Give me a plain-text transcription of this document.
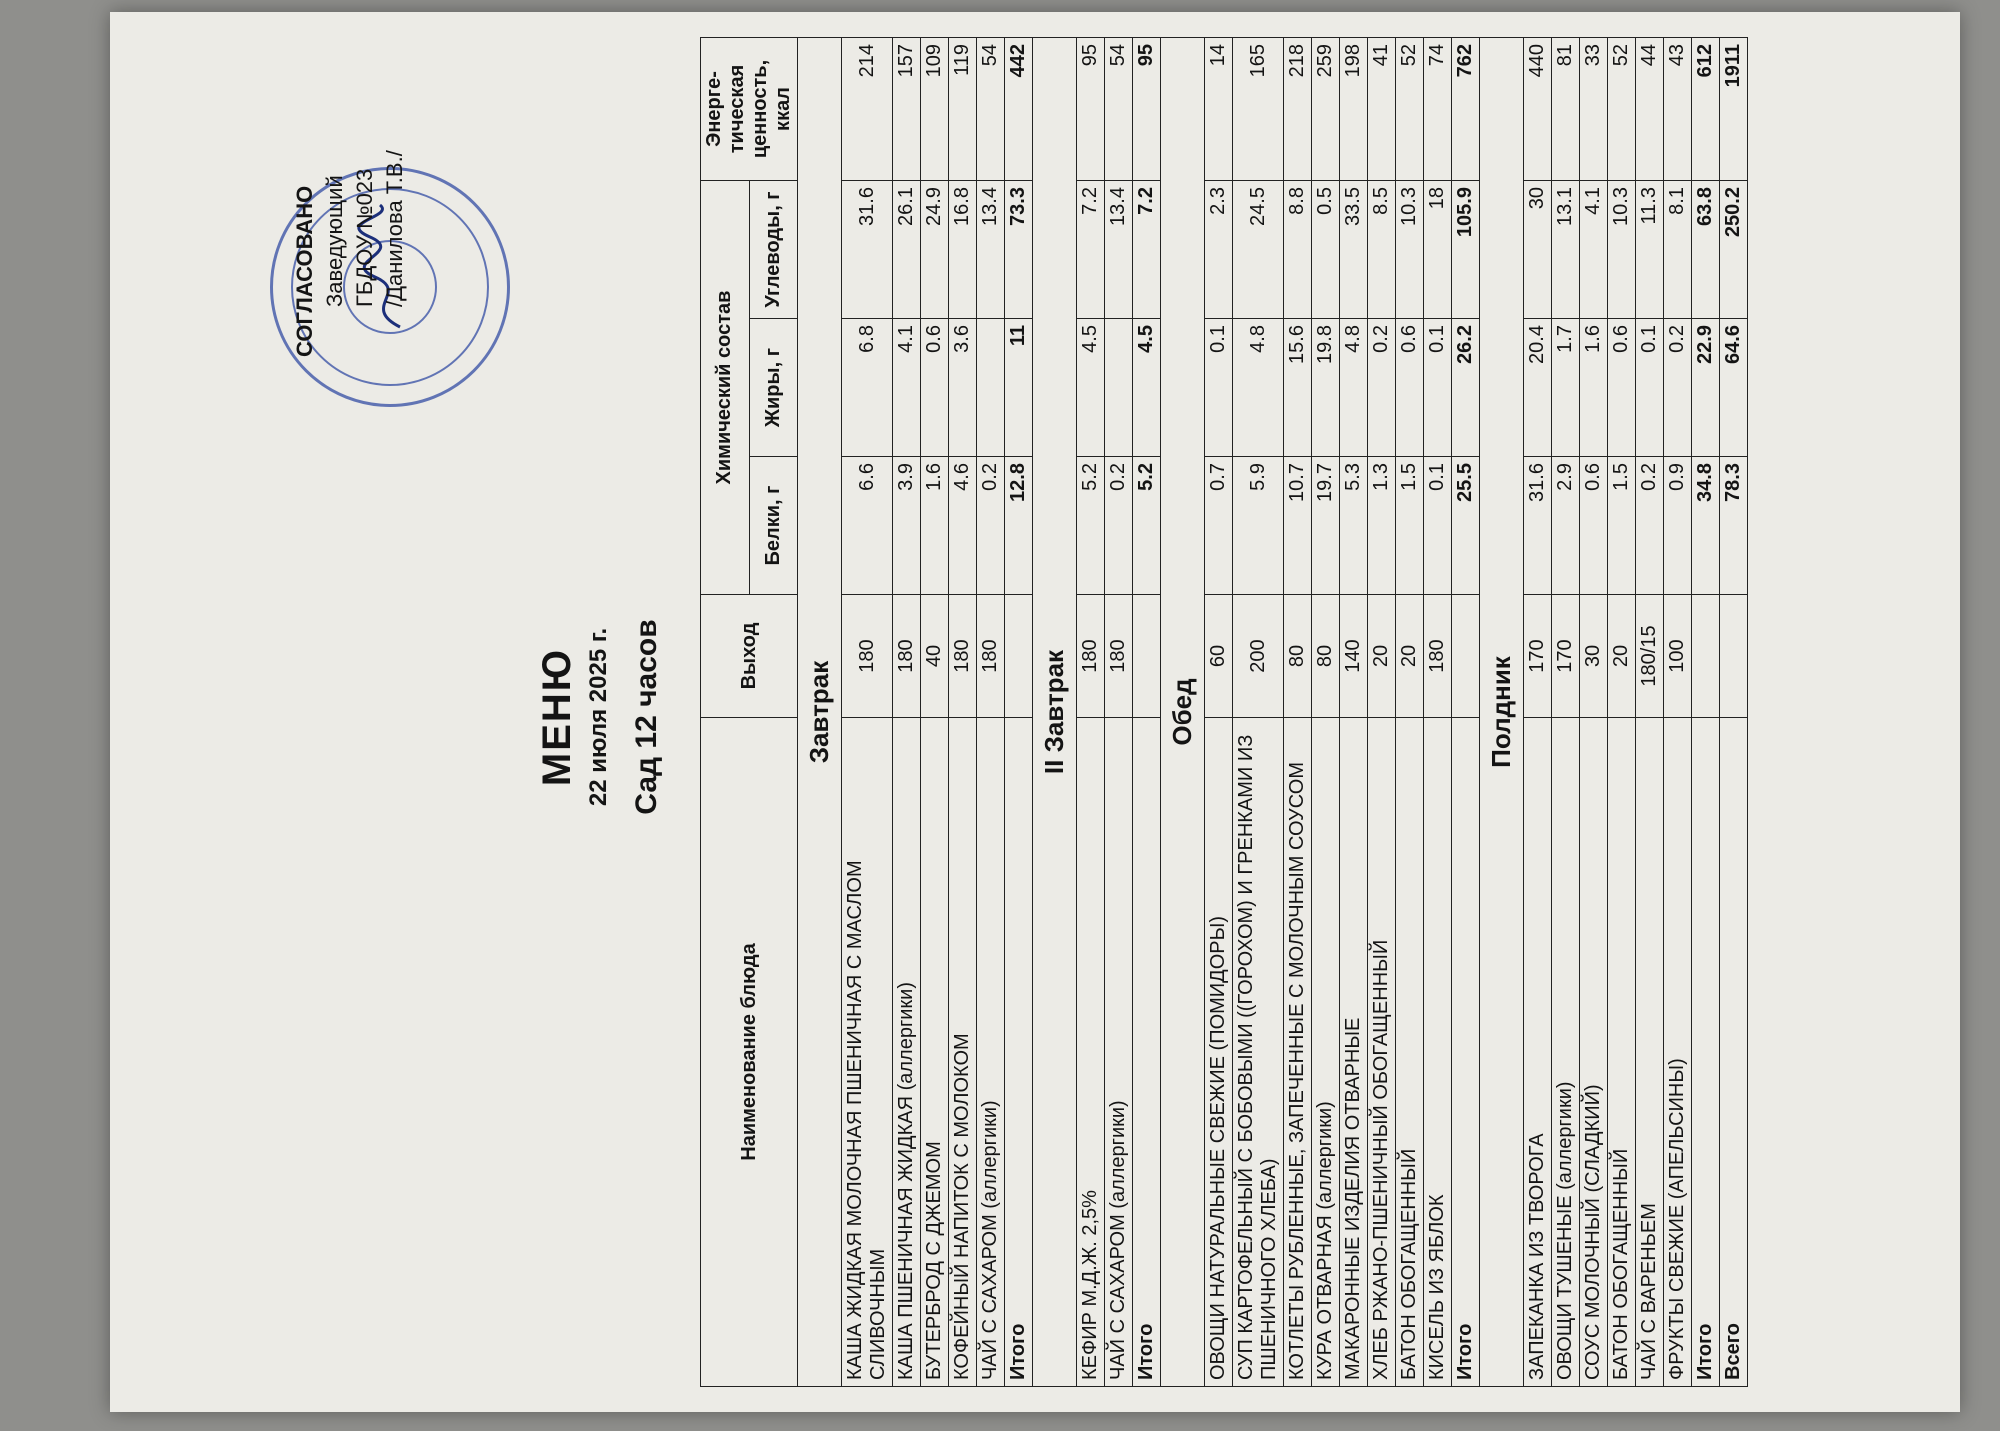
СОГЛАСОВАНО Заведующий ГБДОУ №023 /Данилова Т.В./
МЕНЮ 22 июля 2025 г. Сад 12 часов
Наименование блюда	Выход	Химический состав			Энерге-тическая ценность, ккал
		Белки, г	Жиры, г	Углеводы, г	
Завтрак					
КАША ЖИДКАЯ МОЛОЧНАЯ ПШЕНИЧНАЯ С МАСЛОМ СЛИВОЧНЫМ	180	6.6	6.8	31.6	214
КАША ПШЕНИЧНАЯ ЖИДКАЯ (аллергики)	180	3.9	4.1	26.1	157
БУТЕРБРОД С ДЖЕМОМ	40	1.6	0.6	24.9	109
КОФЕЙНЫЙ НАПИТОК С МОЛОКОМ	180	4.6	3.6	16.8	119
ЧАЙ С САХАРОМ (аллергики)	180	0.2		13.4	54
Итого		12.8	11	73.3	442
II Завтрак					
КЕФИР М.Д.Ж. 2,5%	180	5.2	4.5	7.2	95
ЧАЙ С САХАРОМ (аллергики)	180	0.2		13.4	54
Итого		5.2	4.5	7.2	95
Обед					
ОВОЩИ НАТУРАЛЬНЫЕ СВЕЖИЕ (ПОМИДОРЫ)	60	0.7	0.1	2.3	14
СУП КАРТОФЕЛЬНЫЙ С БОБОВЫМИ ((ГОРОХОМ) И ГРЕНКАМИ ИЗ ПШЕНИЧНОГО ХЛЕБА)	200	5.9	4.8	24.5	165
КОТЛЕТЫ РУБЛЕННЫЕ, ЗАПЕЧЕННЫЕ С МОЛОЧНЫМ СОУСОМ	80	10.7	15.6	8.8	218
КУРА ОТВАРНАЯ (аллергики)	80	19.7	19.8	0.5	259
МАКАРОННЫЕ ИЗДЕЛИЯ ОТВАРНЫЕ	140	5.3	4.8	33.5	198
ХЛЕБ РЖАНО-ПШЕНИЧНЫЙ ОБОГАЩЕННЫЙ	20	1.3	0.2	8.5	41
БАТОН ОБОГАЩЕННЫЙ	20	1.5	0.6	10.3	52
КИСЕЛЬ ИЗ ЯБЛОК	180	0.1	0.1	18	74
Итого		25.5	26.2	105.9	762
Полдник					
ЗАПЕКАНКА ИЗ ТВОРОГА	170	31.6	20.4	30	440
ОВОЩИ ТУШЕНЫЕ (аллергики)	170	2.9	1.7	13.1	81
СОУС МОЛОЧНЫЙ (СЛАДКИЙ)	30	0.6	1.6	4.1	33
БАТОН ОБОГАЩЕННЫЙ	20	1.5	0.6	10.3	52
ЧАЙ С ВАРЕНЬЕМ	180/15	0.2	0.1	11.3	44
ФРУКТЫ СВЕЖИЕ (АПЕЛЬСИНЫ)	100	0.9	0.2	8.1	43
Итого		34.8	22.9	63.8	612
Всего		78.3	64.6	250.2	1911
